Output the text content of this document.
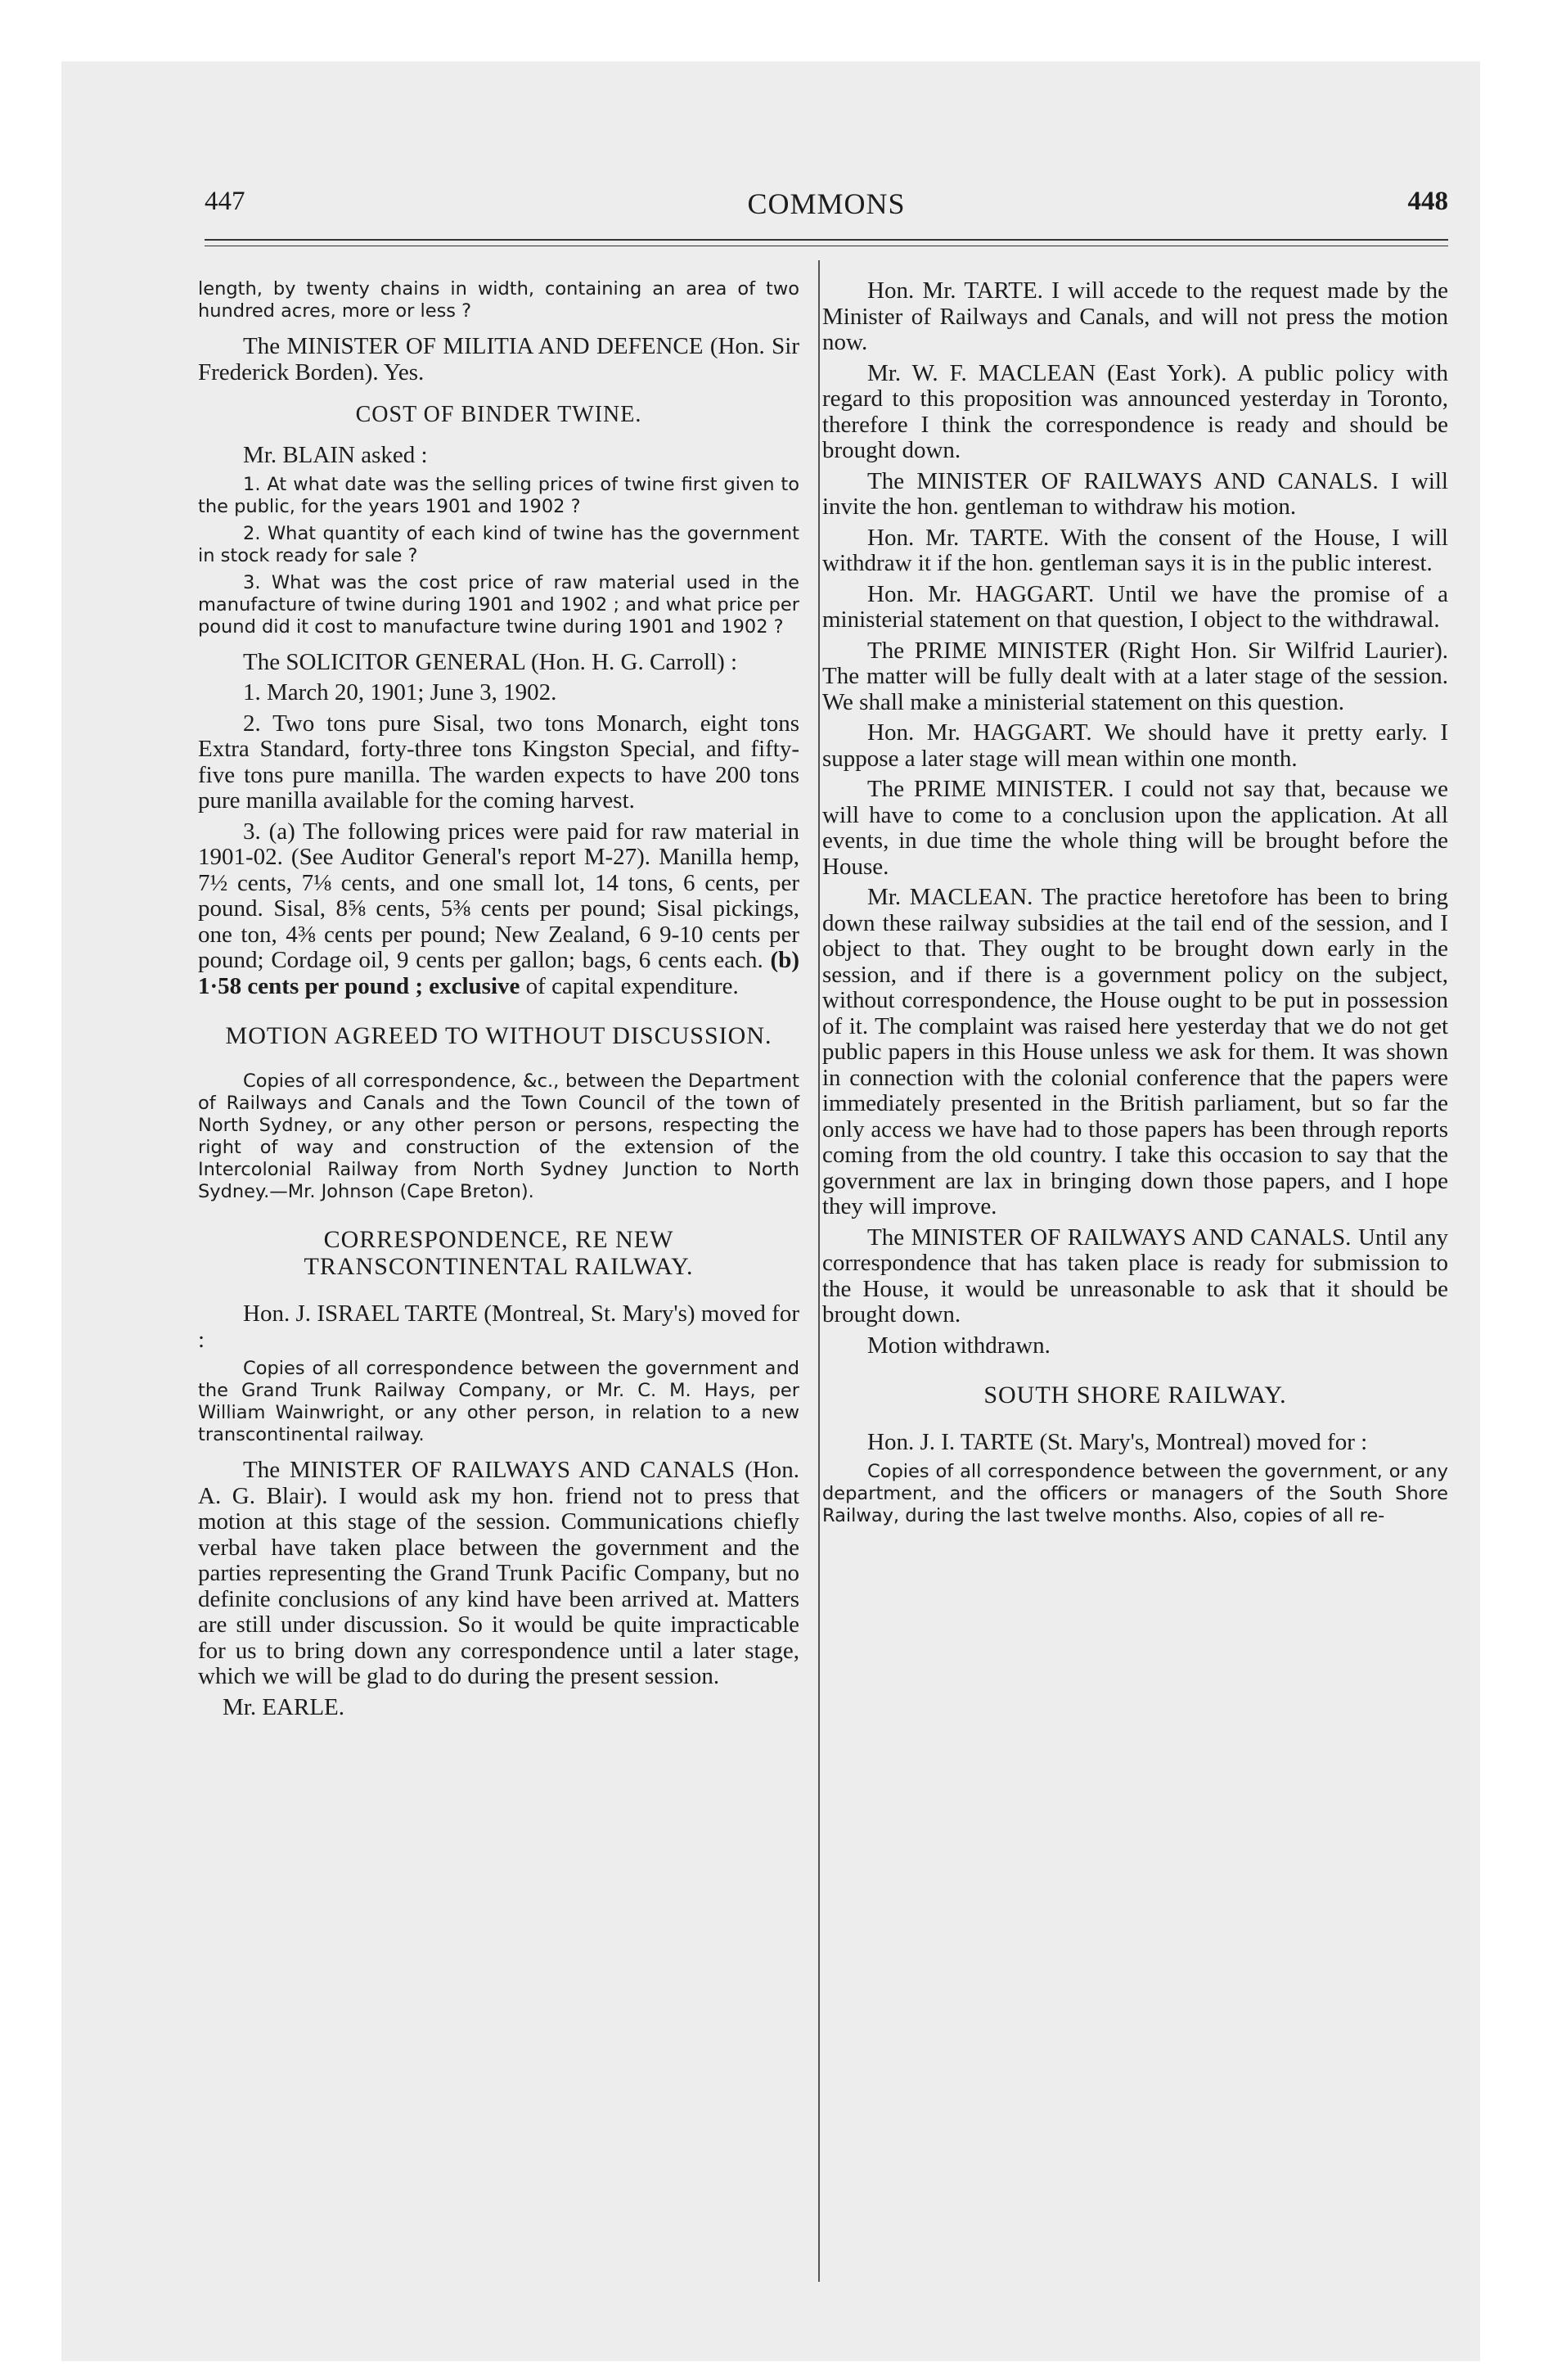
447	COMMONS	448

length, by twenty chains in width, containing an area of two hundred acres, more or less ?

The MINISTER OF MILITIA AND DEFENCE (Hon. Sir Frederick Borden). Yes.

COST OF BINDER TWINE.

Mr. BLAIN asked :

1. At what date was the selling prices of twine first given to the public, for the years 1901 and 1902 ?

2. What quantity of each kind of twine has the government in stock ready for sale ?

3. What was the cost price of raw material used in the manufacture of twine during 1901 and 1902 ; and what price per pound did it cost to manufacture twine during 1901 and 1902 ?

The SOLICITOR GENERAL (Hon. H. G. Carroll) :

1. March 20, 1901; June 3, 1902.

2. Two tons pure Sisal, two tons Monarch, eight tons Extra Standard, forty-three tons Kingston Special, and fifty-five tons pure manilla. The warden expects to have 200 tons pure manilla available for the coming harvest.

3. (a) The following prices were paid for raw material in 1901-02. (See Auditor General's report M-27). Manilla hemp, 7½ cents, 7⅛ cents, and one small lot, 14 tons, 6 cents, per pound. Sisal, 8⅝ cents, 5⅜ cents per pound; Sisal pickings, one ton, 4⅜ cents per pound; New Zealand, 6 9-10 cents per pound; Cordage oil, 9 cents per gallon; bags, 6 cents each. (b) 1·58 cents per pound ; exclusive of capital expenditure.

MOTION AGREED TO WITHOUT DISCUSSION.

Copies of all correspondence, &c., between the Department of Railways and Canals and the Town Council of the town of North Sydney, or any other person or persons, respecting the right of way and construction of the extension of the Intercolonial Railway from North Sydney Junction to North Sydney.—Mr. Johnson (Cape Breton).

CORRESPONDENCE, RE NEW TRANSCONTINENTAL RAILWAY.

Hon. J. ISRAEL TARTE (Montreal, St. Mary's) moved for :

Copies of all correspondence between the government and the Grand Trunk Railway Company, or Mr. C. M. Hays, per William Wainwright, or any other person, in relation to a new transcontinental railway.

The MINISTER OF RAILWAYS AND CANALS (Hon. A. G. Blair). I would ask my hon. friend not to press that motion at this stage of the session. Communications chiefly verbal have taken place between the government and the parties representing the Grand Trunk Pacific Company, but no definite conclusions of any kind have been arrived at. Matters are still under discussion. So it would be quite impracticable for us to bring down any correspondence until a later stage, which we will be glad to do during the present session.

Mr. EARLE.

Hon. Mr. TARTE. I will accede to the request made by the Minister of Railways and Canals, and will not press the motion now.

Mr. W. F. MACLEAN (East York). A public policy with regard to this proposition was announced yesterday in Toronto, therefore I think the correspondence is ready and should be brought down.

The MINISTER OF RAILWAYS AND CANALS. I will invite the hon. gentleman to withdraw his motion.

Hon. Mr. TARTE. With the consent of the House, I will withdraw it if the hon. gentleman says it is in the public interest.

Hon. Mr. HAGGART. Until we have the promise of a ministerial statement on that question, I object to the withdrawal.

The PRIME MINISTER (Right Hon. Sir Wilfrid Laurier). The matter will be fully dealt with at a later stage of the session. We shall make a ministerial statement on this question.

Hon. Mr. HAGGART. We should have it pretty early. I suppose a later stage will mean within one month.

The PRIME MINISTER. I could not say that, because we will have to come to a conclusion upon the application. At all events, in due time the whole thing will be brought before the House.

Mr. MACLEAN. The practice heretofore has been to bring down these railway subsidies at the tail end of the session, and I object to that. They ought to be brought down early in the session, and if there is a government policy on the subject, without correspondence, the House ought to be put in possession of it. The complaint was raised here yesterday that we do not get public papers in this House unless we ask for them. It was shown in connection with the colonial conference that the papers were immediately presented in the British parliament, but so far the only access we have had to those papers has been through reports coming from the old country. I take this occasion to say that the government are lax in bringing down those papers, and I hope they will improve.

The MINISTER OF RAILWAYS AND CANALS. Until any correspondence that has taken place is ready for submission to the House, it would be unreasonable to ask that it should be brought down.

Motion withdrawn.

SOUTH SHORE RAILWAY.

Hon. J. I. TARTE (St. Mary's, Montreal) moved for :

Copies of all correspondence between the government, or any department, and the officers or managers of the South Shore Railway, during the last twelve months. Also, copies of all re-
